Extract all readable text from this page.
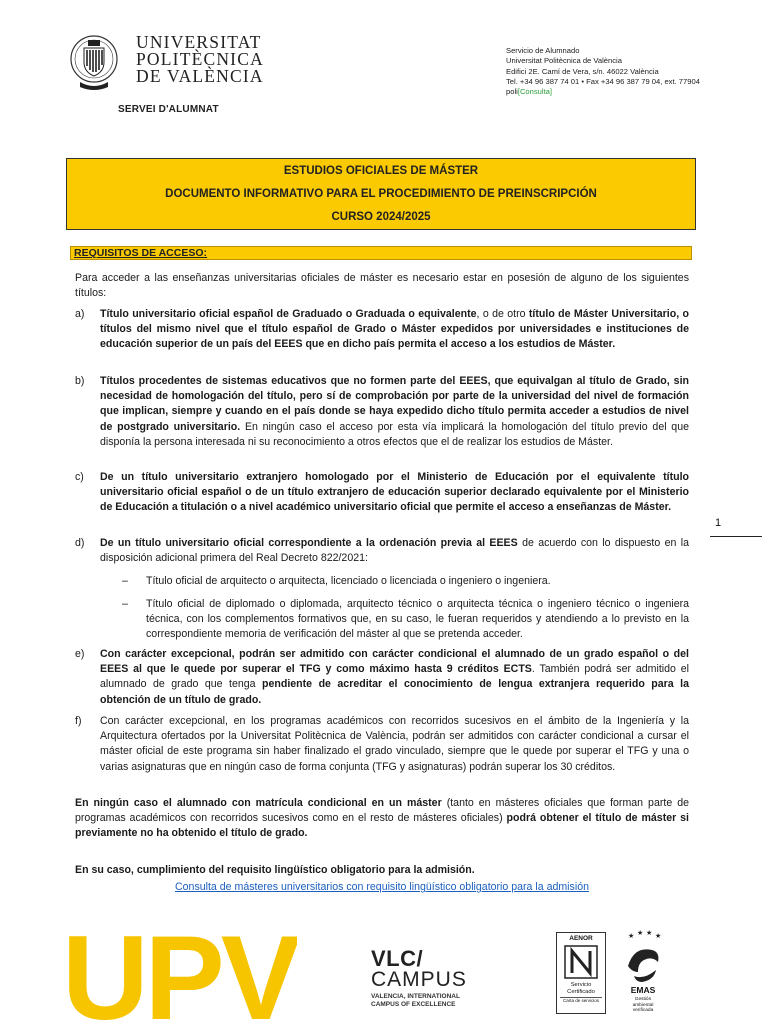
UNIVERSITAT
POLITÈCNICA
DE VALÈNCIA
SERVEI D'ALUMNAT
Servicio de Alumnado
Universitat Politècnica de València
Edifici 2E. Camí de Vera, s/n. 46022 València
Tel. +34 96 387 74 01 • Fax +34 96 387 79 04, ext. 77904
poli[Consulta]
ESTUDIOS OFICIALES DE MÁSTER
DOCUMENTO INFORMATIVO PARA EL PROCEDIMIENTO DE PREINSCRIPCIÓN
CURSO 2024/2025
REQUISITOS DE ACCESO:
Para acceder a las enseñanzas universitarias oficiales de máster es necesario estar en posesión de alguno de los siguientes títulos:
a) Título universitario oficial español de Graduado o Graduada o equivalente, o de otro título de Máster Universitario, o títulos del mismo nivel que el título español de Grado o Máster expedidos por universidades e instituciones de educación superior de un país del EEES que en dicho país permita el acceso a los estudios de Máster.
b) Títulos procedentes de sistemas educativos que no formen parte del EEES, que equivalgan al título de Grado, sin necesidad de homologación del título, pero sí de comprobación por parte de la universidad del nivel de formación que implican, siempre y cuando en el país donde se haya expedido dicho título permita acceder a estudios de nivel de postgrado universitario. En ningún caso el acceso por esta vía implicará la homologación del título previo del que disponía la persona interesada ni su reconocimiento a otros efectos que el de realizar los estudios de Máster.
c) De un título universitario extranjero homologado por el Ministerio de Educación por el equivalente título universitario oficial español o de un título extranjero de educación superior declarado equivalente por el Ministerio de Educación a titulación o a nivel académico universitario oficial que permite el acceso a enseñanzas de Máster.
1
d) De un título universitario oficial correspondiente a la ordenación previa al EEES de acuerdo con lo dispuesto en la disposición adicional primera del Real Decreto 822/2021:
– Título oficial de arquitecto o arquitecta, licenciado o licenciada o ingeniero o ingeniera.
– Título oficial de diplomado o diplomada, arquitecto técnico o arquitecta técnica o ingeniero técnico o ingeniera técnica, con los complementos formativos que, en su caso, le fueran requeridos y atendiendo a lo previsto en la correspondiente memoria de verificación del máster al que se pretenda acceder.
e) Con carácter excepcional, podrán ser admitido con carácter condicional el alumnado de un grado español o del EEES al que le quede por superar el TFG y como máximo hasta 9 créditos ECTS. También podrá ser admitido el alumnado de grado que tenga pendiente de acreditar el conocimiento de lengua extranjera requerido para la obtención de un título de grado.
f) Con carácter excepcional, en los programas académicos con recorridos sucesivos en el ámbito de la Ingeniería y la Arquitectura ofertados por la Universitat Politècnica de València, podrán ser admitidos con carácter condicional a cursar el máster oficial de este programa sin haber finalizado el grado vinculado, siempre que le quede por superar el TFG y una o varias asignaturas que en ningún caso de forma conjunta (TFG y asignaturas) podrán superar los 30 créditos.
En ningún caso el alumnado con matrícula condicional en un máster (tanto en másteres oficiales que forman parte de programas académicos con recorridos sucesivos como en el resto de másteres oficiales) podrá obtener el título de máster si previamente no ha obtenido el título de grado.
En su caso, cumplimiento del requisito lingüístico obligatorio para la admisión.
Consulta de másteres universitarios con requisito lingüístico obligatorio para la admisión
UPV	VLC/
CAMPUS
VALENCIA, INTERNATIONAL
CAMPUS OF EXCELLENCE
AENOR
Servicio
Certificado
Carta de servicios
★ ★ ★ ★
EMAS
Gestión
ambiental
verificada
